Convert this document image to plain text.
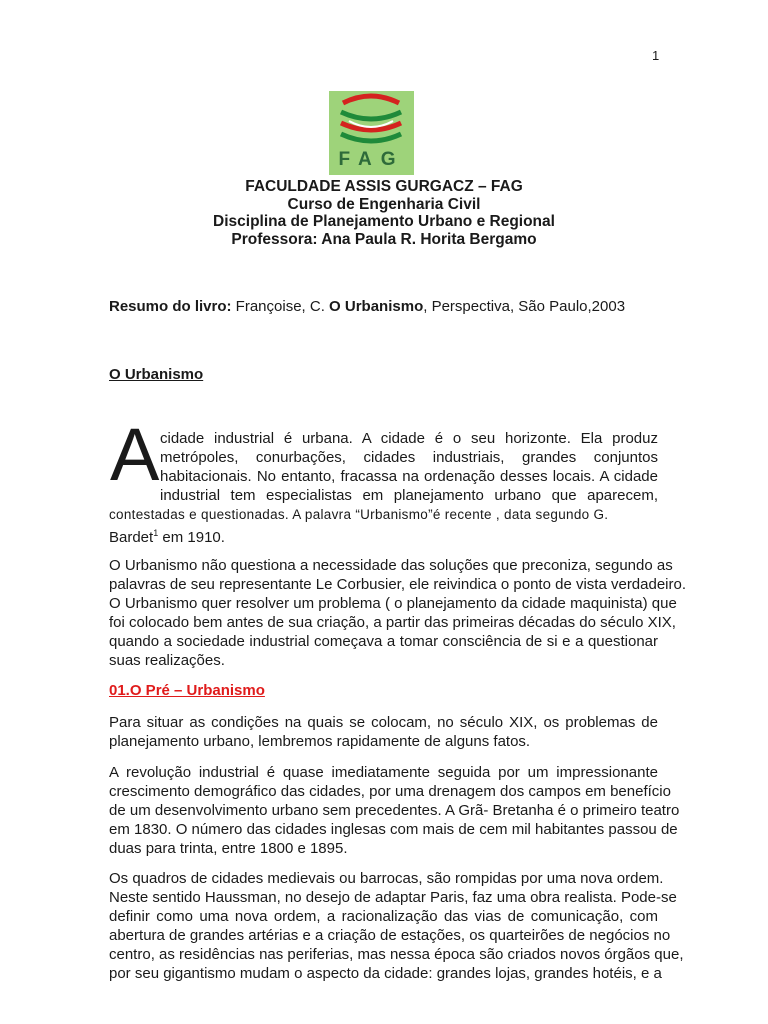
1
FAG
FACULDADE ASSIS GURGACZ – FAG
Curso de Engenharia Civil
Disciplina de Planejamento Urbano e Regional
Professora: Ana Paula R. Horita Bergamo
Resumo do livro: Françoise, C. O Urbanismo, Perspectiva, São Paulo,2003
O Urbanismo
A cidade industrial é urbana. A cidade é o seu horizonte. Ela produz
metrópoles, conurbações, cidades industriais, grandes conjuntos
habitacionais. No entanto, fracassa na ordenação desses locais. A cidade
industrial tem especialistas em planejamento urbano que aparecem,
contestadas e questionadas. A palavra “Urbanismo”é recente , data segundo G.
Bardet$^1$ em 1910.
O Urbanismo não questiona a necessidade das soluções que preconiza, segundo as
palavras de seu representante Le Corbusier, ele reivindica o ponto de vista verdadeiro.
O Urbanismo quer resolver um problema ( o planejamento da cidade maquinista) que
foi colocado bem antes de sua criação, a partir das primeiras décadas do século XIX,
quando a sociedade industrial começava a tomar consciência de si e a questionar
suas realizações.
01.O Pré – Urbanismo
Para situar as condições na quais se colocam, no século XIX, os problemas de
planejamento urbano, lembremos rapidamente de alguns fatos.
A revolução industrial é quase imediatamente seguida por um impressionante
crescimento demográfico das cidades, por uma drenagem dos campos em benefício
de um desenvolvimento urbano sem precedentes. A Grã- Bretanha é o primeiro teatro
em 1830. O número das cidades inglesas com mais de cem mil habitantes passou de
duas para trinta, entre 1800 e 1895.
Os quadros de cidades medievais ou barrocas, são rompidas por uma nova ordem.
Neste sentido Haussman, no desejo de adaptar Paris, faz uma obra realista. Pode-se
definir como uma nova ordem, a racionalização das vias de comunicação, com
abertura de grandes artérias e a criação de estações, os quarteirões de negócios no
centro, as residências nas periferias, mas nessa época são criados novos órgãos que,
por seu gigantismo mudam o aspecto da cidade: grandes lojas, grandes hotéis, e a
